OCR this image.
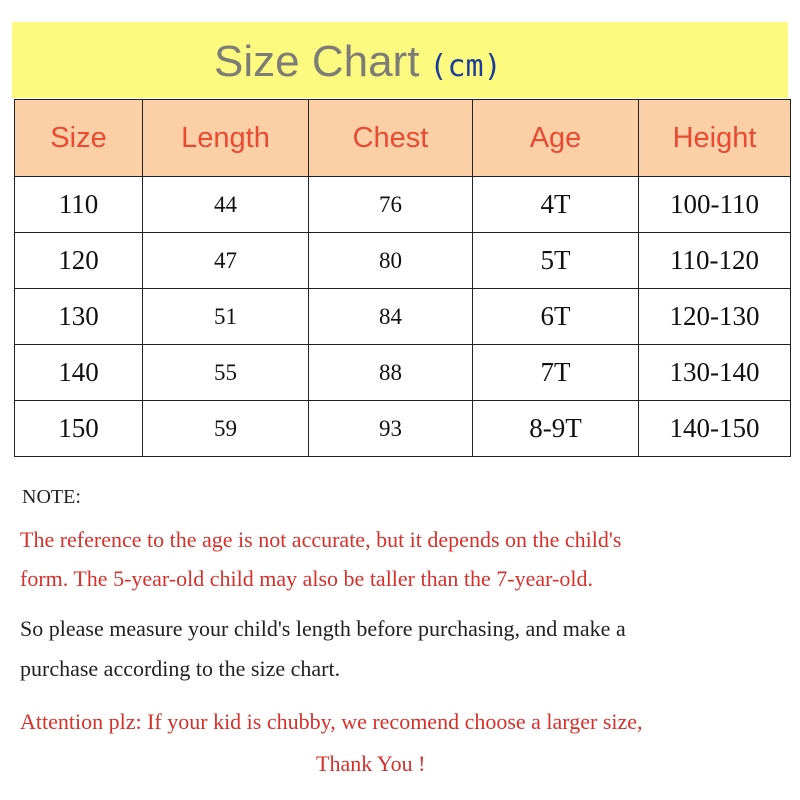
Size Chart (cm)
Size	Length	Chest	Age	Height
110	44	76	4T	100-110
120	47	80	5T	110-120
130	51	84	6T	120-130
140	55	88	7T	130-140
150	59	93	8-9T	140-150
NOTE:
The reference to the age is not accurate, but it depends on the child's
form. The 5-year-old child may also be taller than the 7-year-old.
So please measure your child's length before purchasing, and make a
purchase according to the size chart.
Attention plz: If your kid is chubby, we recomend choose a larger size,
Thank You !
